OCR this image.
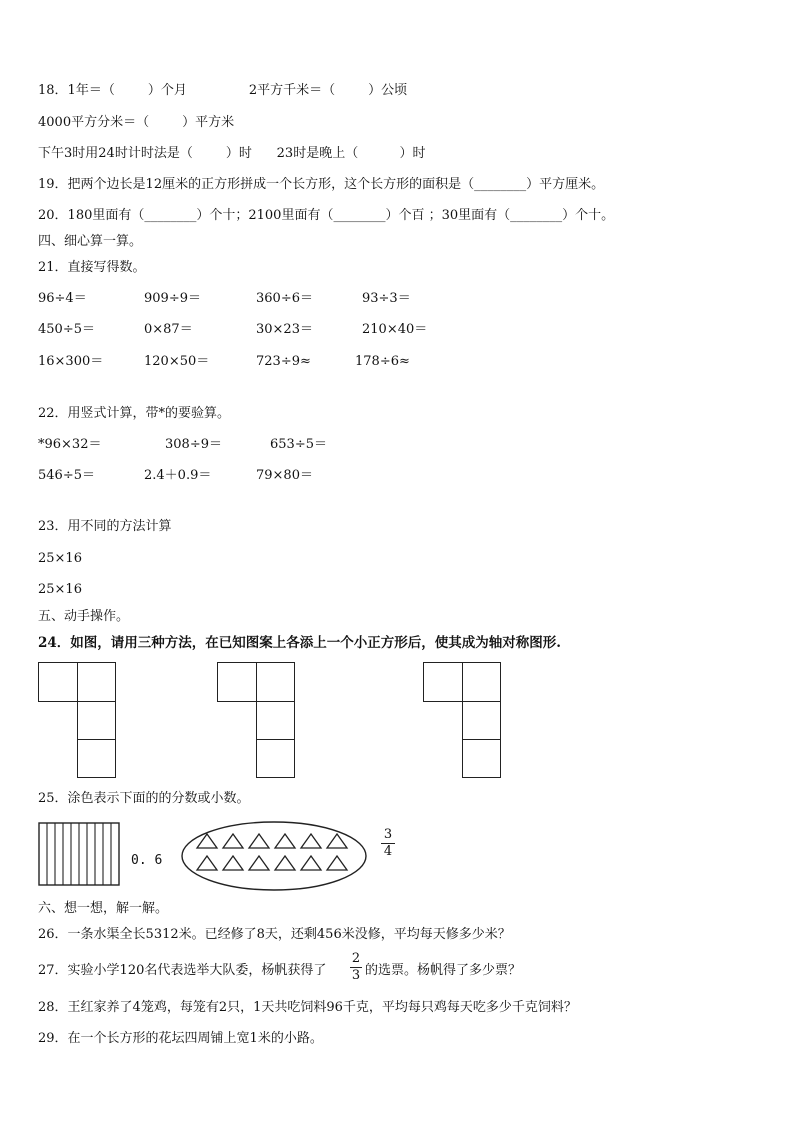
18．1年＝（        ）个月               2平方千米＝（        ）公顷
4000平方分米＝（        ）平方米
下午3时用24时计时法是（        ）时      23时是晚上（          ）时
19．把两个边长是12厘米的正方形拼成一个长方形，这个长方形的面积是（________）平方厘米。
20．180里面有（________）个十；2100里面有（________）个百 ；30里面有（________）个十。
四、细心算一算。
21．直接写得数。
96÷4＝	909÷9＝	360÷6＝	93÷3＝
450÷5＝	0×87＝	30×23＝	210×40＝
16×300＝	120×50＝	723÷9≈	178÷6≈
22．用竖式计算，带*的要验算。
*96×32＝	308÷9＝	653÷5＝
546÷5＝	2.4＋0.9＝	79×80＝
23．用不同的方法计算
25×16
25×16
五、动手操作。
24．如图，请用三种方法，在已知图案上各添上一个小正方形后，使其成为轴对称图形.
25．涂色表示下面的的分数或小数。
0. 6
3
4
六、想一想，解一解。
26．一条水渠全长5312米。已经修了8天，还剩456米没修，平均每天修多少米？
27．实验小学120名代表选举大队委，杨帆获得了
2
3 的选票。杨帆得了多少票？
28．王红家养了4笼鸡，每笼有2只，1天共吃饲料96千克，平均每只鸡每天吃多少千克饲料？
29．在一个长方形的花坛四周铺上宽1米的小路。
